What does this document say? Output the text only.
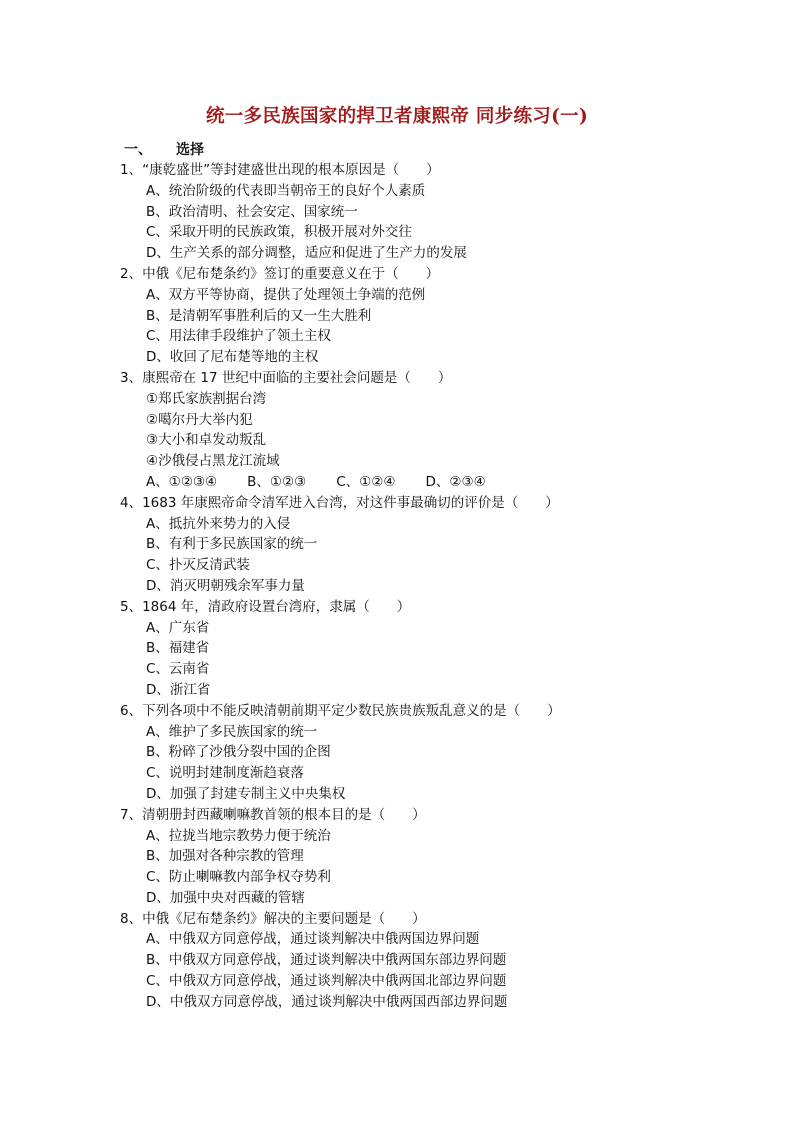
统一多民族国家的捍卫者康熙帝 同步练习(一)
一、 选择
1、“康乾盛世”等封建盛世出现的根本原因是（　　）
A、统治阶级的代表即当朝帝王的良好个人素质
B、政治清明、社会安定、国家统一
C、采取开明的民族政策，积极开展对外交往
D、生产关系的部分调整，适应和促进了生产力的发展
2、中俄《尼布楚条约》签订的重要意义在于（　　）
A、双方平等协商，提供了处理领土争端的范例
B、是清朝军事胜利后的又一生大胜利
C、用法律手段维护了领土主权
D、收回了尼布楚等地的主权
3、康熙帝在 17 世纪中面临的主要社会问题是（　　）
①郑氏家族割据台湾
②噶尔丹大举内犯
③大小和卓发动叛乱
④沙俄侵占黑龙江流域
A、①②③④ B、①②③ C、①②④ D、②③④
4、1683 年康熙帝命令清军进入台湾，对这件事最确切的评价是（　　）
A、抵抗外来势力的入侵
B、有利于多民族国家的统一
C、扑灭反清武装
D、消灭明朝残余军事力量
5、1864 年，清政府设置台湾府，隶属（　　）
A、广东省
B、福建省
C、云南省
D、浙江省
6、下列各项中不能反映清朝前期平定少数民族贵族叛乱意义的是（　　）
A、维护了多民族国家的统一
B、粉碎了沙俄分裂中国的企图
C、说明封建制度渐趋衰落
D、加强了封建专制主义中央集权
7、清朝册封西藏喇嘛教首领的根本目的是（　　）
A、拉拢当地宗教势力便于统治
B、加强对各种宗教的管理
C、防止喇嘛教内部争权夺势利
D、加强中央对西藏的管辖
8、中俄《尼布楚条约》解决的主要问题是（　　）
A、中俄双方同意停战，通过谈判解决中俄两国边界问题
B、中俄双方同意停战，通过谈判解决中俄两国东部边界问题
C、中俄双方同意停战，通过谈判解决中俄两国北部边界问题
D、中俄双方同意停战，通过谈判解决中俄两国西部边界问题
